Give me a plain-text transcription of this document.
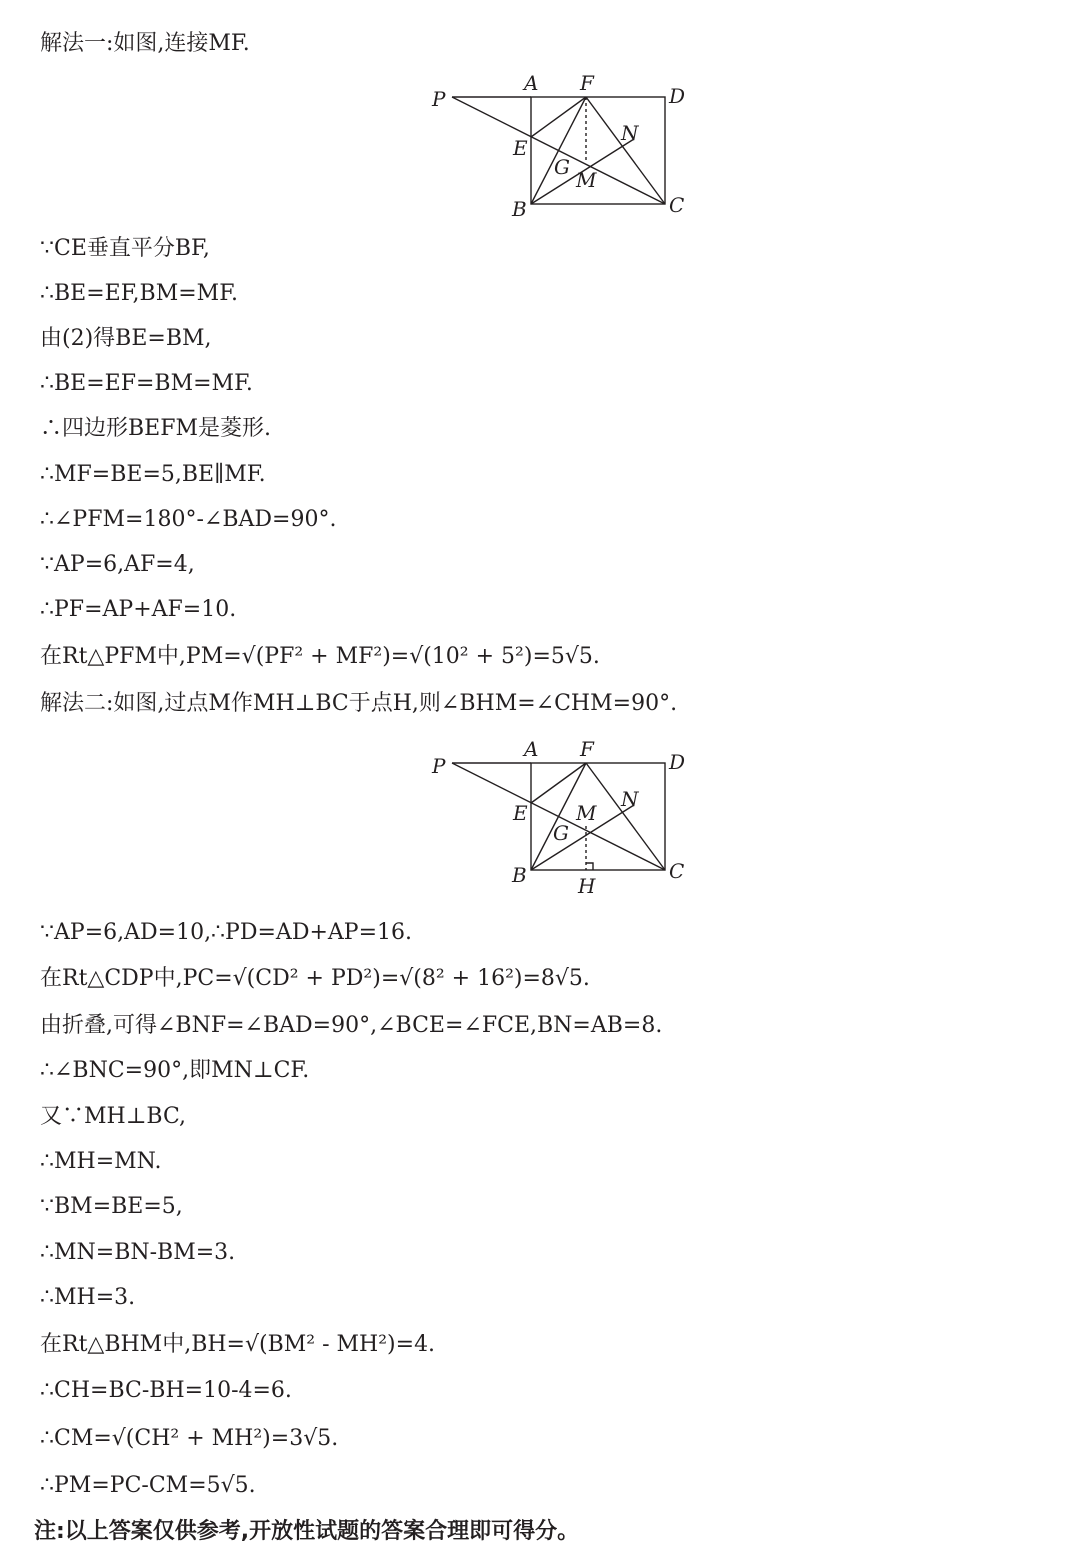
解法一:如图,连接MF.
P
A F
D
E
N
G
M
B	C
∵CE垂直平分BF,
∴BE=EF,BM=MF.
由(2)得BE=BM,
∴BE=EF=BM=MF.
∴四边形BEFM是菱形.
∴MF=BE=5,BE∥MF.
∴∠PFM=180°-∠BAD=90°.
∵AP=6,AF=4,
∴PF=AP+AF=10.
在Rt△PFM中,PM=√(PF² + MF²)=√(10² + 5²)=5√5.
解法二:如图,过点M作MH⊥BC于点H,则∠BHM=∠CHM=90°.
P
A F
D
E
N
M
G
B	C
H
∵AP=6,AD=10,∴PD=AD+AP=16.
在Rt△CDP中,PC=√(CD² + PD²)=√(8² + 16²)=8√5.
由折叠,可得∠BNF=∠BAD=90°,∠BCE=∠FCE,BN=AB=8.
∴∠BNC=90°,即MN⊥CF.
又∵MH⊥BC,
∴MH=MN.
∵BM=BE=5,
∴MN=BN-BM=3.
∴MH=3.
在Rt△BHM中,BH=√(BM² - MH²)=4.
∴CH=BC-BH=10-4=6.
∴CM=√(CH² + MH²)=3√5.
∴PM=PC-CM=5√5.
注:以上答案仅供参考,开放性试题的答案合理即可得分。
